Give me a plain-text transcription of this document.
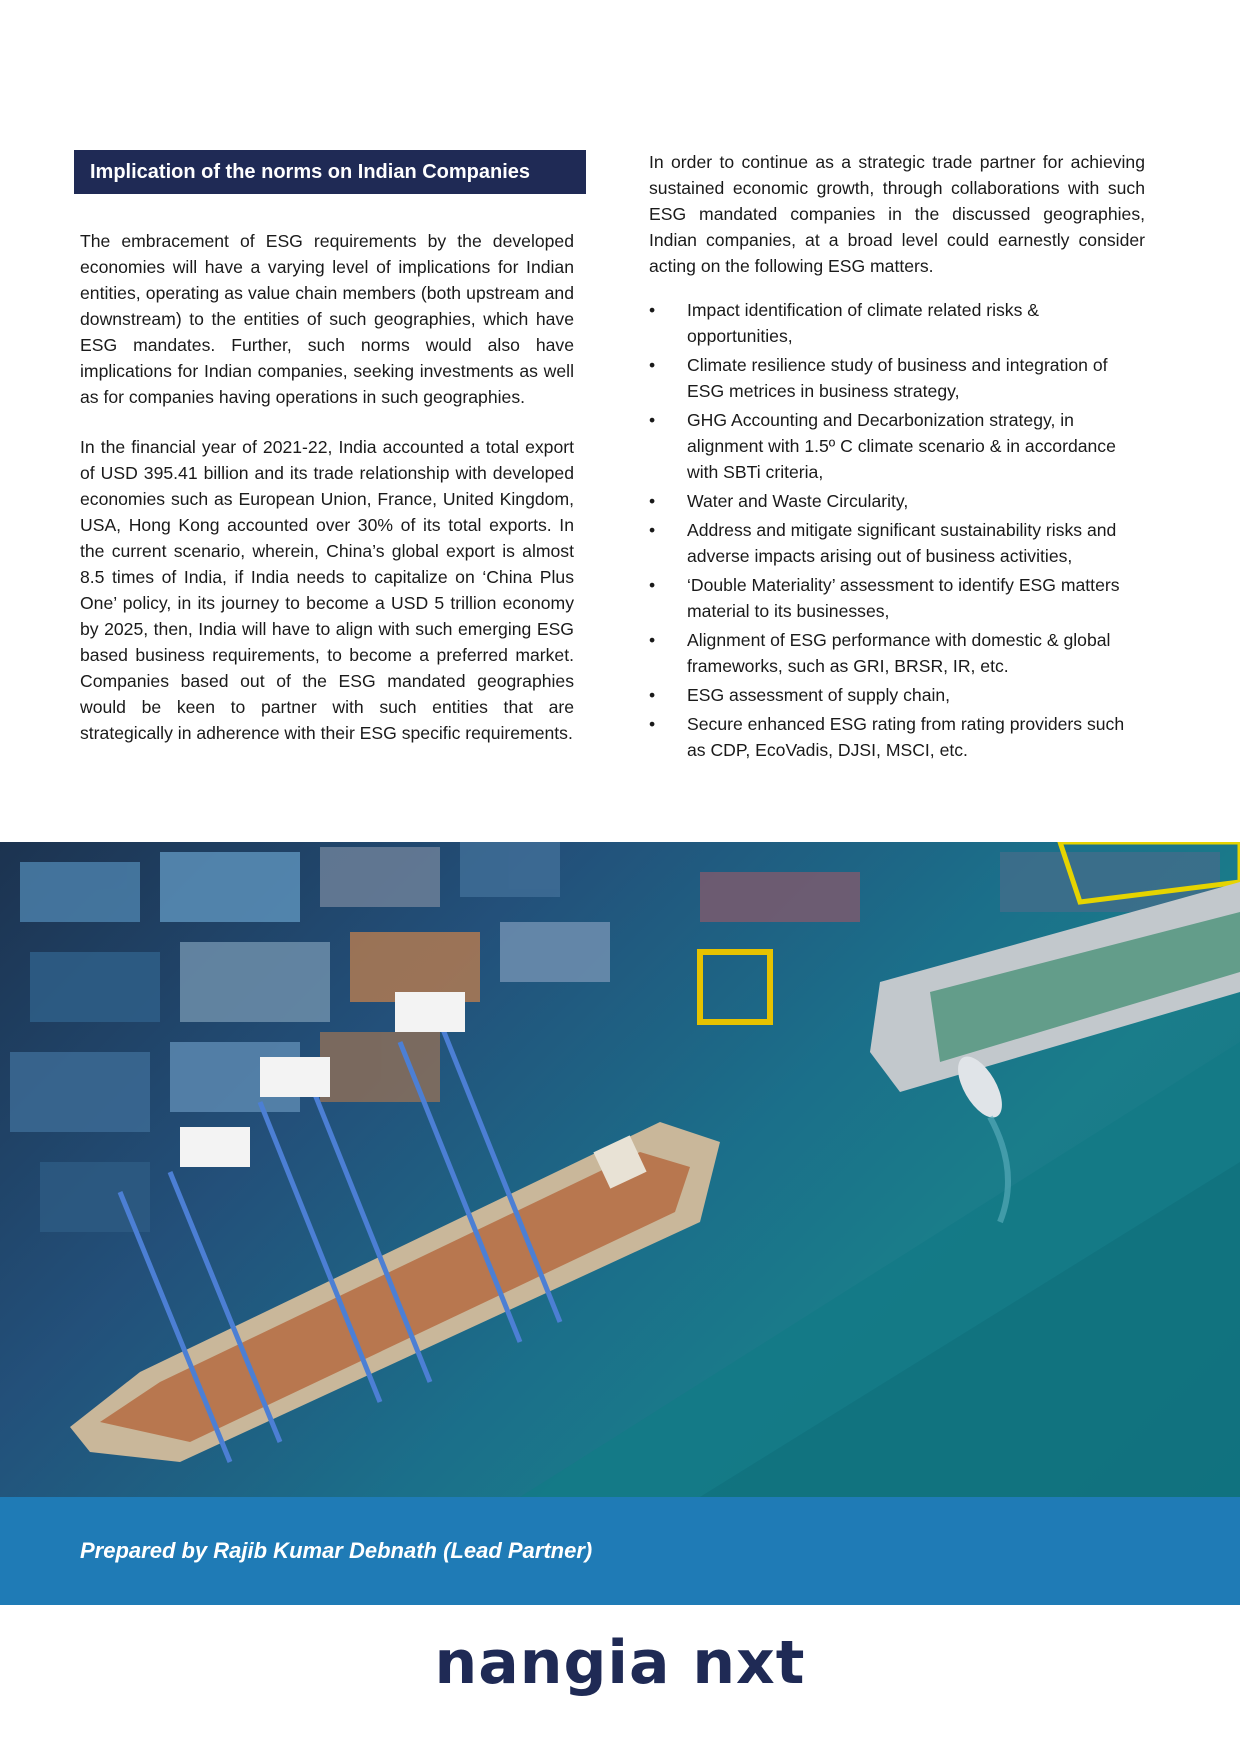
Implication of the norms on Indian Companies

The embracement of ESG requirements by the developed economies will have a varying level of implications for Indian entities, operating as value chain members (both upstream and downstream) to the entities of such geographies, which have ESG mandates. Further, such norms would also have implications for Indian companies, seeking investments as well as for companies having operations in such geographies.

In the financial year of 2021-22, India accounted a total export of USD 395.41 billion and its trade relationship with developed economies such as European Union, France, United Kingdom, USA, Hong Kong accounted over 30% of its total exports. In the current scenario, wherein, China’s global export is almost 8.5 times of India, if India needs to capitalize on ‘China Plus One’ policy, in its journey to become a USD 5 trillion economy by 2025, then, India will have to align with such emerging ESG based business requirements, to become a preferred market. Companies based out of the ESG mandated geographies would be keen to partner with such entities that are strategically in adherence with their ESG specific requirements.

In order to continue as a strategic trade partner for achieving sustained economic growth, through collaborations with such ESG mandated companies in the discussed geographies, Indian companies, at a broad level could earnestly consider acting on the following ESG matters.

• Impact identification of climate related risks & opportunities,
• Climate resilience study of business and integration of ESG metrices in business strategy,
• GHG Accounting and Decarbonization strategy, in alignment with 1.5º C climate scenario & in accordance with SBTi criteria,
• Water and Waste Circularity,
• Address and mitigate significant sustainability risks and adverse impacts arising out of business activities,
• ‘Double Materiality’ assessment to identify ESG matters material to its businesses,
• Alignment of ESG performance with domestic & global frameworks, such as GRI, BRSR, IR, etc.
• ESG assessment of supply chain,
• Secure enhanced ESG rating from rating providers such as CDP, EcoVadis, DJSI, MSCI, etc.
Prepared by Rajib Kumar Debnath (Lead Partner)
nangia nxt
